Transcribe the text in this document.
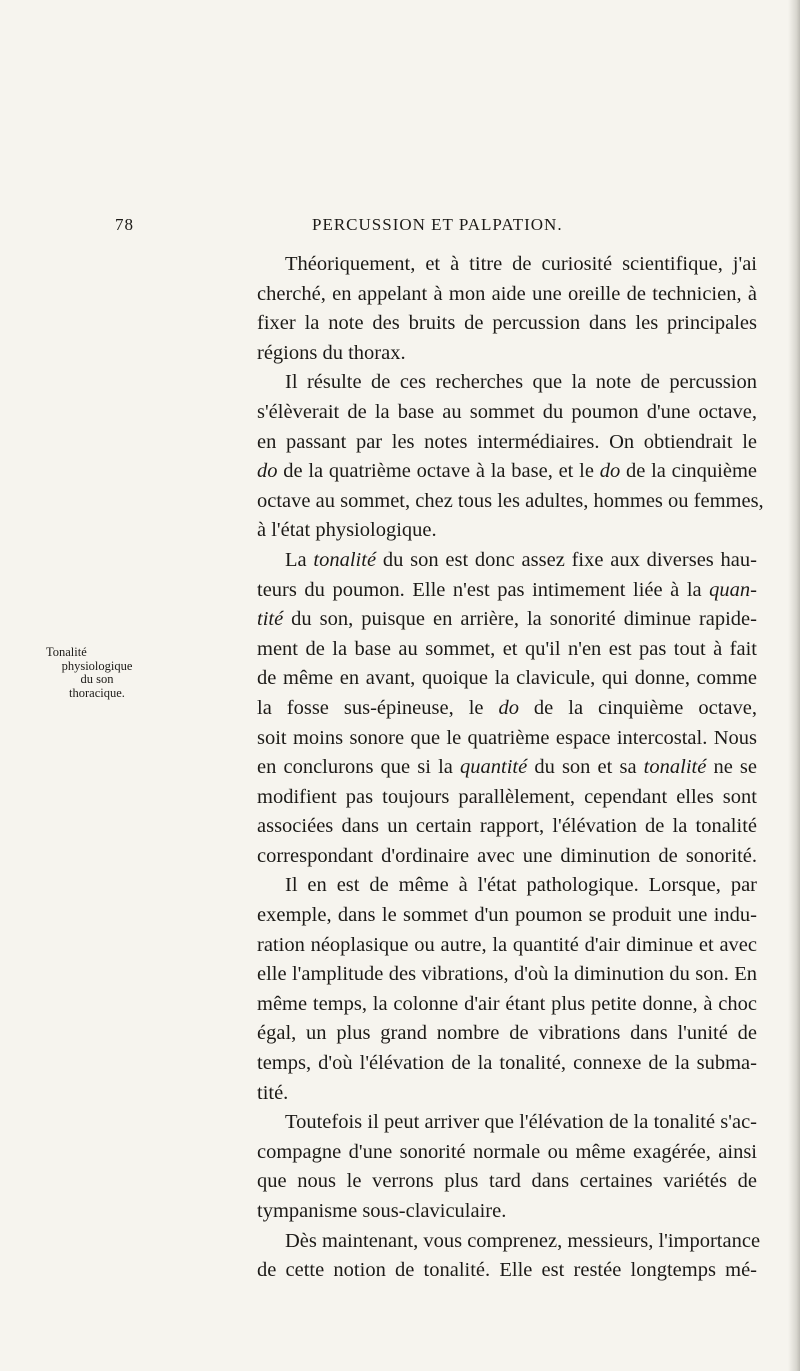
78	PERCUSSION ET PALPATION.
Tonalité
physiologique
du son
thoracique.
Théoriquement, et à titre de curiosité scientifique, j'ai
cherché, en appelant à mon aide une oreille de technicien, à
fixer la note des bruits de percussion dans les principales
régions du thorax.
Il résulte de ces recherches que la note de percussion
s'élèverait de la base au sommet du poumon d'une octave,
en passant par les notes intermédiaires. On obtiendrait le
do de la quatrième octave à la base, et le do de la cinquième
octave au sommet, chez tous les adultes, hommes ou femmes,
à l'état physiologique.
La tonalité du son est donc assez fixe aux diverses hau-
teurs du poumon. Elle n'est pas intimement liée à la quan-
tité du son, puisque en arrière, la sonorité diminue rapide-
ment de la base au sommet, et qu'il n'en est pas tout à fait
de même en avant, quoique la clavicule, qui donne, comme
la fosse sus-épineuse, le do de la cinquième octave,
soit moins sonore que le quatrième espace intercostal. Nous
en conclurons que si la quantité du son et sa tonalité ne se
modifient pas toujours parallèlement, cependant elles sont
associées dans un certain rapport, l'élévation de la tonalité
correspondant d'ordinaire avec une diminution de sonorité.
Il en est de même à l'état pathologique. Lorsque, par
exemple, dans le sommet d'un poumon se produit une indu-
ration néoplasique ou autre, la quantité d'air diminue et avec
elle l'amplitude des vibrations, d'où la diminution du son. En
même temps, la colonne d'air étant plus petite donne, à choc
égal, un plus grand nombre de vibrations dans l'unité de
temps, d'où l'élévation de la tonalité, connexe de la subma-
tité.
Toutefois il peut arriver que l'élévation de la tonalité s'ac-
compagne d'une sonorité normale ou même exagérée, ainsi
que nous le verrons plus tard dans certaines variétés de
tympanisme sous-claviculaire.
Dès maintenant, vous comprenez, messieurs, l'importance
de cette notion de tonalité. Elle est restée longtemps mé-
